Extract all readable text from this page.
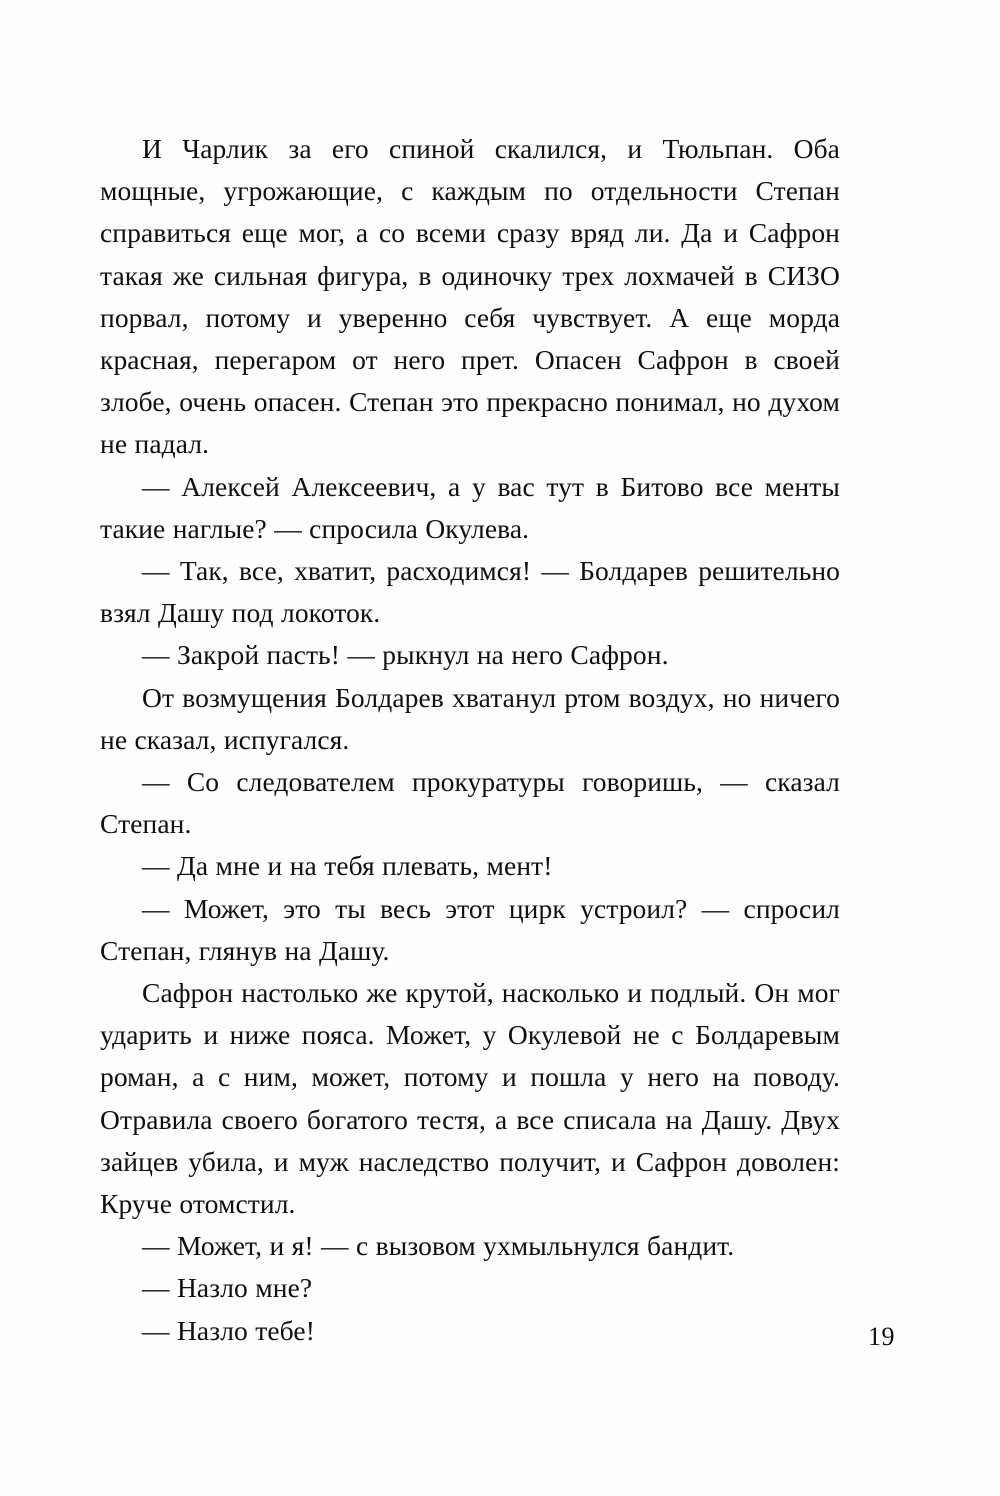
И Чарлик за его спиной скалился, и Тюльпан. Оба мощные, угрожающие, с каждым по отдельности Степан справиться еще мог, а со всеми сразу вряд ли. Да и Сафрон такая же сильная фигура, в одиночку трех лохмачей в СИЗО порвал, потому и уверенно себя чувствует. А еще морда красная, перегаром от него прет. Опасен Сафрон в своей злобе, очень опасен. Степан это прекрасно понимал, но духом не падал.

— Алексей Алексеевич, а у вас тут в Битово все менты такие наглые? — спросила Окулева.

— Так, все, хватит, расходимся! — Болдарев решительно взял Дашу под локоток.

— Закрой пасть! — рыкнул на него Сафрон.

От возмущения Болдарев хватанул ртом воздух, но ничего не сказал, испугался.

— Со следователем прокуратуры говоришь, — сказал Степан.

— Да мне и на тебя плевать, мент!

— Может, это ты весь этот цирк устроил? — спросил Степан, глянув на Дашу.

Сафрон настолько же крутой, насколько и подлый. Он мог ударить и ниже пояса. Может, у Окулевой не с Болдаревым роман, а с ним, может, потому и пошла у него на поводу. Отравила своего богатого тестя, а все списала на Дашу. Двух зайцев убила, и муж наследство получит, и Сафрон доволен: Круче отомстил.

— Может, и я! — с вызовом ухмыльнулся бандит.

— Назло мне?

— Назло тебе!	19
